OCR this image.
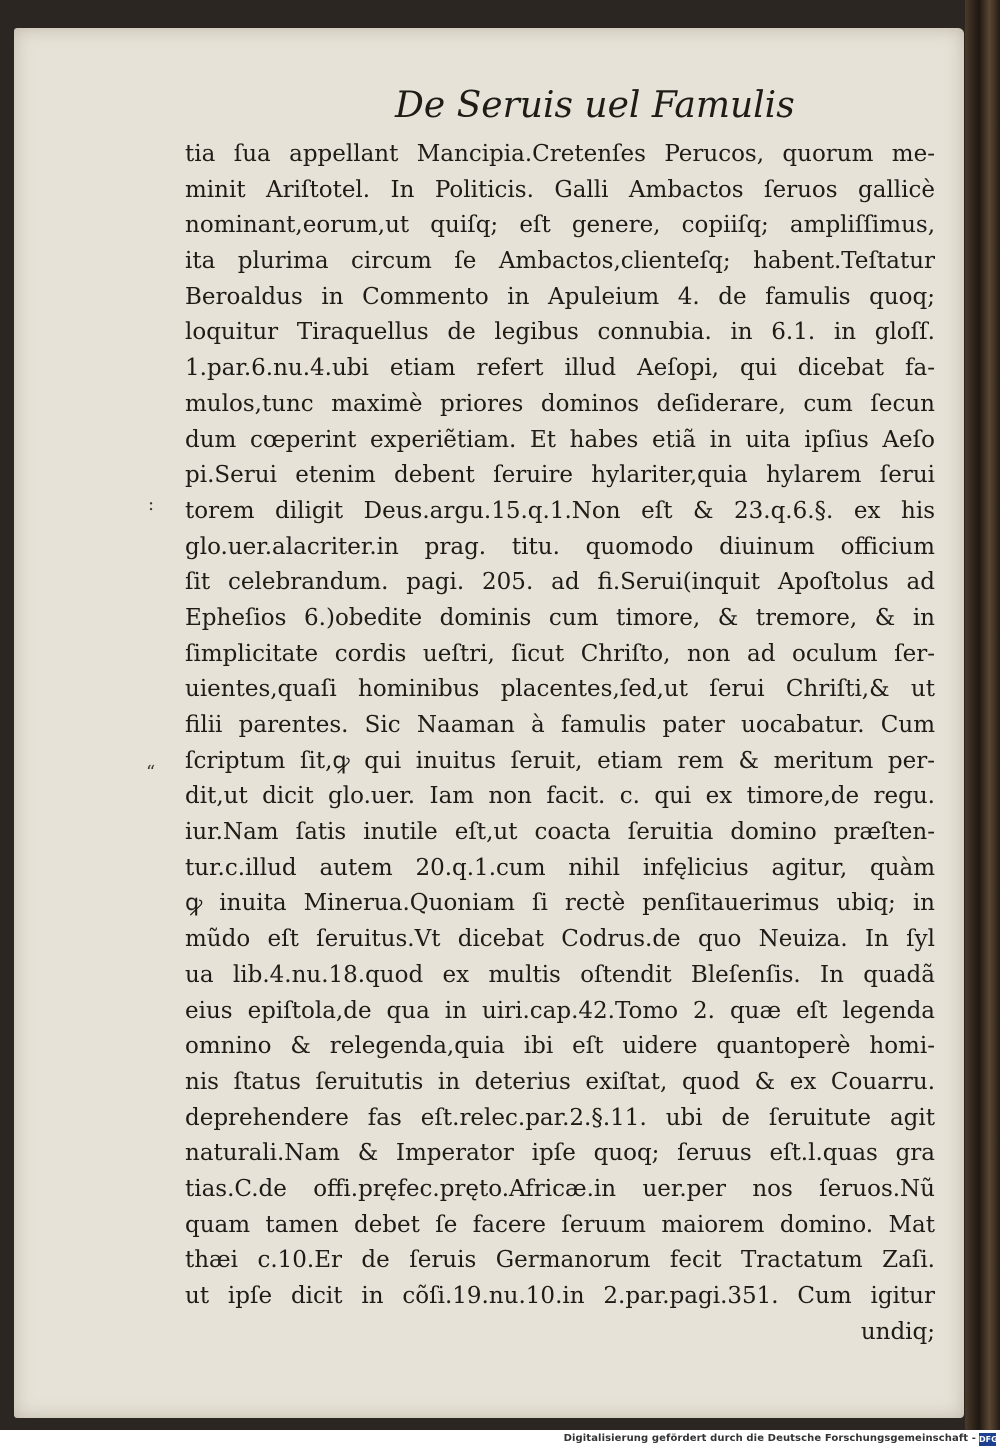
De Seruis uel Famulis
:
“
tia ſua appellant Mancipia.Cretenſes Perucos, quorum me-
minit Ariſtotel. In Politicis. Galli Ambactos ſeruos gallicè
nominant,eorum,ut quiſq; eſt genere, copiiſq; ampliſſimus,
ita plurima circum ſe Ambactos,clienteſq; habent.Teſtatur
Beroaldus in Commento in Apuleium 4. de famulis quoq;
loquitur Tiraquellus de legibus connubia. in 6.1. in gloſſ.
1.par.6.nu.4.ubi etiam refert illud Aeſopi, qui dicebat fa-
mulos,tunc maximè priores dominos deſiderare, cum ſecun
dum cœperint experiẽtiam. Et habes etiã in uita ipſius Aeſo
pi.Serui etenim debent ſeruire hylariter,quia hylarem ſerui
torem diligit Deus.argu.15.q.1.Non eſt & 23.q.6.§. ex his
glo.uer.alacriter.in prag. titu. quomodo diuinum officium
ſit celebrandum. pagi. 205. ad fi.Serui(inquit Apoſtolus ad
Epheſios 6.)obedite dominis cum timore, & tremore, & in
ſimplicitate cordis ueſtri, ſicut Chriſto, non ad oculum ſer-
uientes,quaſi hominibus placentes,ſed,ut ſerui Chriſti,& ut
filii parentes. Sic Naaman à famulis pater uocabatur. Cum
ſcriptum ſit,ꝙ qui inuitus ſeruit, etiam rem & meritum per-
dit,ut dicit glo.uer. Iam non facit. c. qui ex timore,de regu.
iur.Nam ſatis inutile eſt,ut coacta ſeruitia domino præſten-
tur.c.illud autem 20.q.1.cum nihil infęlicius agitur, quàm
ꝙ inuita Minerua.Quoniam ſi rectè penſitauerimus ubiq; in
mũdo eſt ſeruitus.Vt dicebat Codrus.de quo Neuiza. In ſyl
ua lib.4.nu.18.quod ex multis oſtendit Bleſenſis. In quadã
eius epiſtola,de qua in uiri.cap.42.Tomo 2. quæ eſt legenda
omnino & relegenda,quia ibi eſt uidere quantoperè homi-
nis ſtatus ſeruitutis in deterius exiſtat, quod & ex Couarru.
deprehendere fas eſt.relec.par.2.§.11. ubi de ſeruitute agit
naturali.Nam & Imperator ipſe quoq; ſeruus eſt.l.quas gra
tias.C.de offi.pręfec.pręto.Africæ.in uer.per nos ſeruos.Nũ
quam tamen debet ſe facere ſeruum maiorem domino. Mat
thæi c.10.Er de ſeruis Germanorum fecit Tractatum Zaſi.
ut ipſe dicit in cõſi.19.nu.10.in 2.par.pagi.351. Cum igitur
undiq;
Digitalisierung gefördert durch die Deutsche Forschungsgemeinschaft - DFG
